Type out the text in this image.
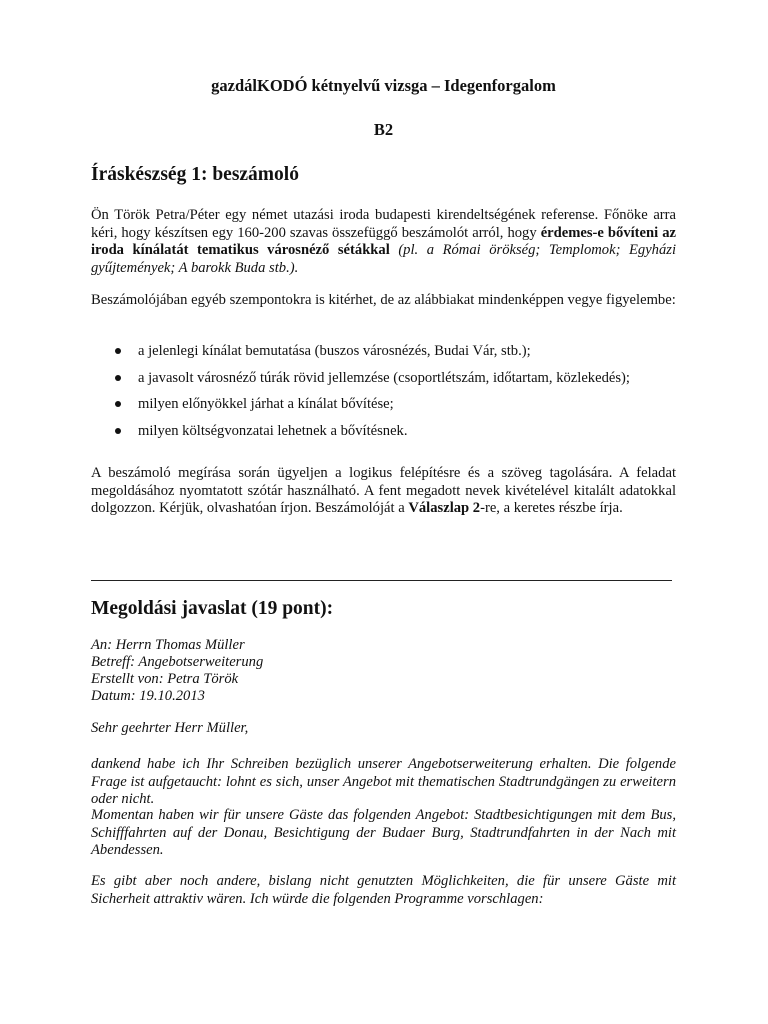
gazdálKODÓ kétnyelvű vizsga – Idegenforgalom
B2
Íráskészség 1: beszámoló

Ön Török Petra/Péter egy német utazási iroda budapesti kirendeltségének referense. Főnöke arra kéri, hogy készítsen egy 160-200 szavas összefüggő beszámolót arról, hogy érdemes-e bővíteni az iroda kínálatát tematikus városnéző sétákkal (pl. a Római örökség; Templomok; Egyházi gyűjtemények; A barokk Buda stb.).

Beszámolójában egyéb szempontokra is kitérhet, de az alábbiakat mindenképpen vegye figyelembe:

a jelenlegi kínálat bemutatása (buszos városnézés, Budai Vár, stb.);
a javasolt városnéző túrák rövid jellemzése (csoportlétszám, időtartam, közlekedés);
milyen előnyökkel járhat a kínálat bővítése;
milyen költségvonzatai lehetnek a bővítésnek.

A beszámoló megírása során ügyeljen a logikus felépítésre és a szöveg tagolására. A feladat megoldásához nyomtatott szótár használható. A fent megadott nevek kivételével kitalált adatokkal dolgozzon. Kérjük, olvashatóan írjon. Beszámolóját a Válaszlap 2-re, a keretes részbe írja.

Megoldási javaslat (19 pont):
An: Herrn Thomas Müller
Betreff: Angebotserweiterung
Erstellt von: Petra Török
Datum: 19.10.2013

Sehr geehrter Herr Müller,

dankend habe ich Ihr Schreiben bezüglich unserer Angebotserweiterung erhalten. Die folgende Frage ist aufgetaucht: lohnt es sich, unser Angebot mit thematischen Stadtrundgängen zu erweitern oder nicht.

Momentan haben wir für unsere Gäste das folgenden Angebot: Stadtbesichtigungen mit dem Bus, Schifffahrten auf der Donau, Besichtigung der Budaer Burg, Stadtrundfahrten in der Nach mit Abendessen.

Es gibt aber noch andere, bislang nicht genutzten Möglichkeiten, die für unsere Gäste mit Sicherheit attraktiv wären. Ich würde die folgenden Programme vorschlagen:
